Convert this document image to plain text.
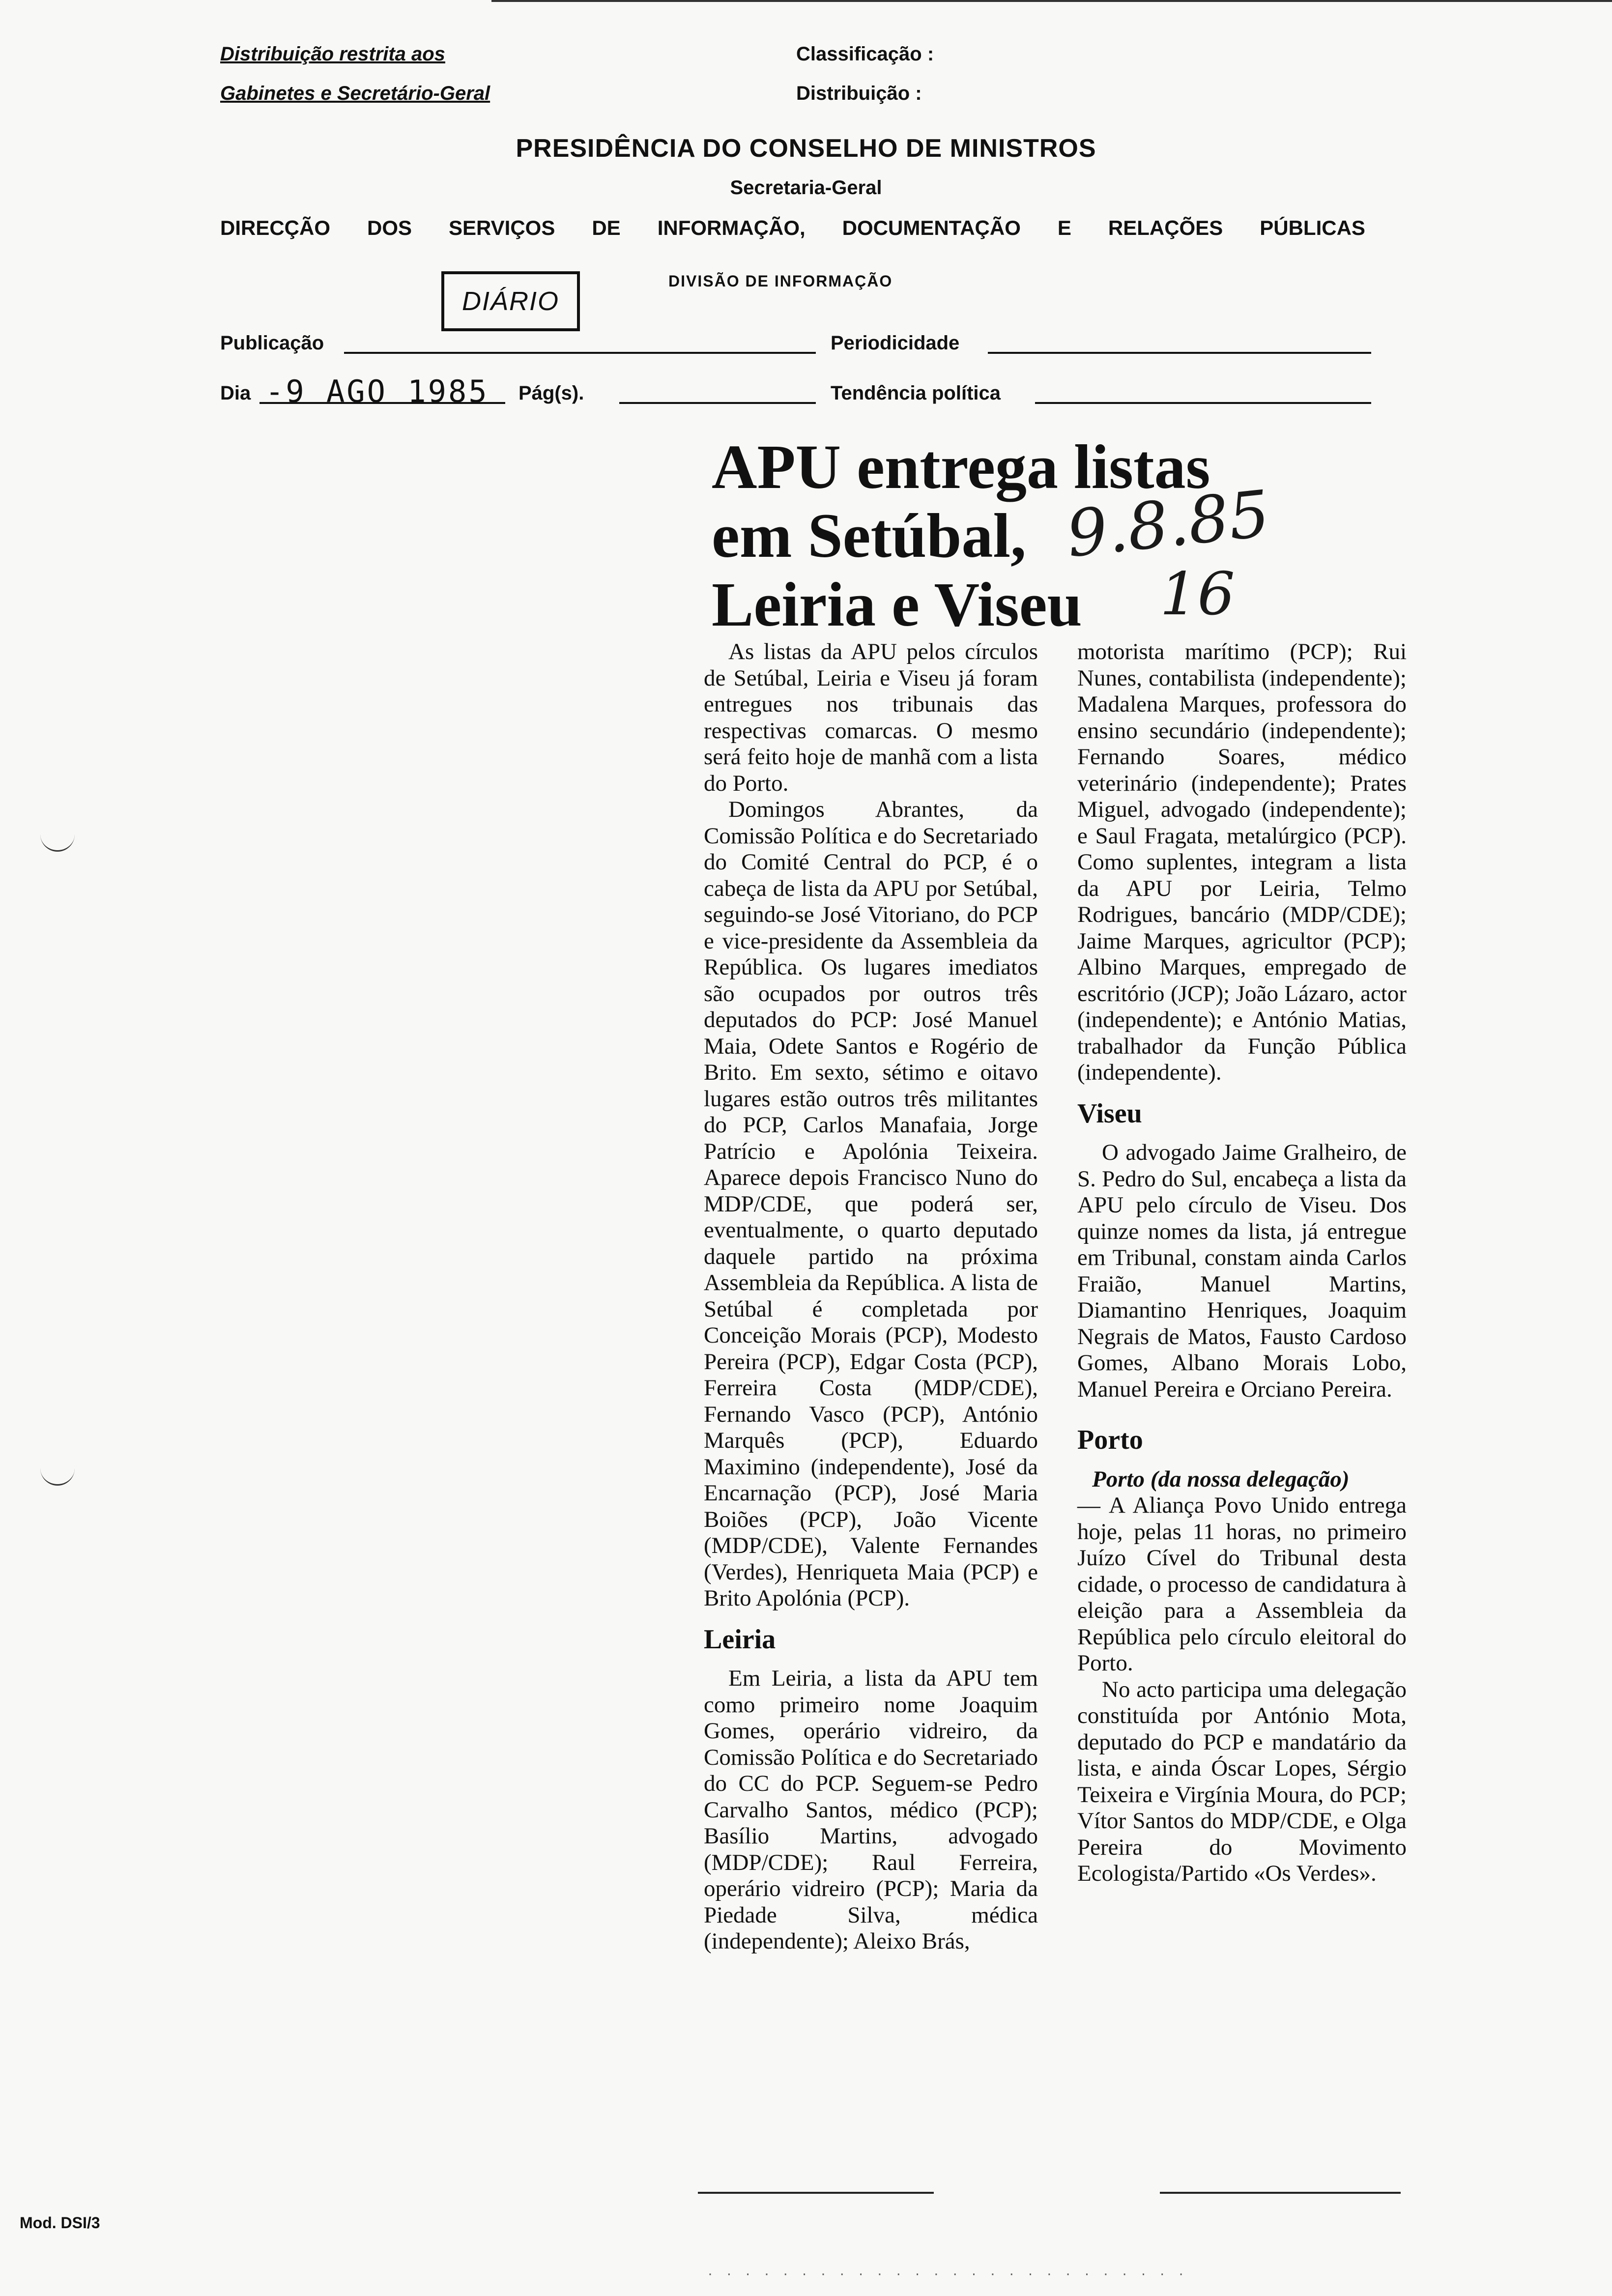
Distribuição restrita aos
Gabinetes e Secretário-Geral
Classificação :
Distribuição :
PRESIDÊNCIA DO CONSELHO DE MINISTROS
Secretaria-Geral
DIRECÇÃO DOS SERVIÇOS DE INFORMAÇÃO, DOCUMENTAÇÃO E RELAÇÕES PÚBLICAS
DIÁRIO
DIVISÃO DE INFORMAÇÃO
Publicação	Periodicidade
Dia -9 AGO 1985 Pág(s).	Tendência política
APU entrega listas
em Setúbal,
Leiria e Viseu
9.8.85
16

As listas da APU pelos círculos de Setúbal, Leiria e Viseu já foram entregues nos tribunais das respectivas comarcas. O mesmo será feito hoje de manhã com a lista do Porto.

Domingos Abrantes, da Comissão Política e do Secretariado do Comité Central do PCP, é o cabeça de lista da APU por Setúbal, seguindo-se José Vitoriano, do PCP e vice-presidente da Assembleia da República. Os lugares imediatos são ocupados por outros três deputados do PCP: José Manuel Maia, Odete Santos e Rogério de Brito. Em sexto, sétimo e oitavo lugares estão outros três militantes do PCP, Carlos Manafaia, Jorge Patrício e Apolónia Teixeira. Aparece depois Francisco Nuno do MDP/CDE, que poderá ser, eventualmente, o quarto deputado daquele partido na próxima Assembleia da República. A lista de Setúbal é completada por Conceição Morais (PCP), Modesto Pereira (PCP), Edgar Costa (PCP), Ferreira Costa (MDP/CDE), Fernando Vasco (PCP), António Marquês (PCP), Eduardo Maximino (independente), José da Encarnação (PCP), José Maria Boiões (PCP), João Vicente (MDP/CDE), Valente Fernandes (Verdes), Henriqueta Maia (PCP) e Brito Apolónia (PCP).

Leiria

Em Leiria, a lista da APU tem como primeiro nome Joaquim Gomes, operário vidreiro, da Comissão Política e do Secretariado do CC do PCP. Seguem-se Pedro Carvalho Santos, médico (PCP); Basílio Martins, advogado (MDP/CDE); Raul Ferreira, operário vidreiro (PCP); Maria da Piedade Silva, médica (independente); Aleixo Brás,

motorista marítimo (PCP); Rui Nunes, contabilista (independente); Madalena Marques, professora do ensino secundário (independente); Fernando Soares, médico veterinário (independente); Prates Miguel, advogado (independente); e Saul Fragata, metalúrgico (PCP). Como suplentes, integram a lista da APU por Leiria, Telmo Rodrigues, bancário (MDP/CDE); Jaime Marques, agricultor (PCP); Albino Marques, empregado de escritório (JCP); João Lázaro, actor (independente); e António Matias, trabalhador da Função Pública (independente).

Viseu

O advogado Jaime Gralheiro, de S. Pedro do Sul, encabeça a lista da APU pelo círculo de Viseu. Dos quinze nomes da lista, já entregue em Tribunal, constam ainda Carlos Fraião, Manuel Martins, Diamantino Henriques, Joaquim Negrais de Matos, Fausto Cardoso Gomes, Albano Morais Lobo, Manuel Pereira e Orciano Pereira.

Porto

Porto (da nossa delegação)

— A Aliança Povo Unido entrega hoje, pelas 11 horas, no primeiro Juízo Cível do Tribunal desta cidade, o processo de candidatura à eleição para a Assembleia da República pelo círculo eleitoral do Porto.

No acto participa uma delegação constituída por António Mota, deputado do PCP e mandatário da lista, e ainda Óscar Lopes, Sérgio Teixeira e Virgínia Moura, do PCP; Vítor Santos do MDP/CDE, e Olga Pereira do Movimento Ecologista/Partido «Os Verdes».

· · · · · · · · · · · · · · · · · · · · · · · · · ·
Mod. DSI/3
